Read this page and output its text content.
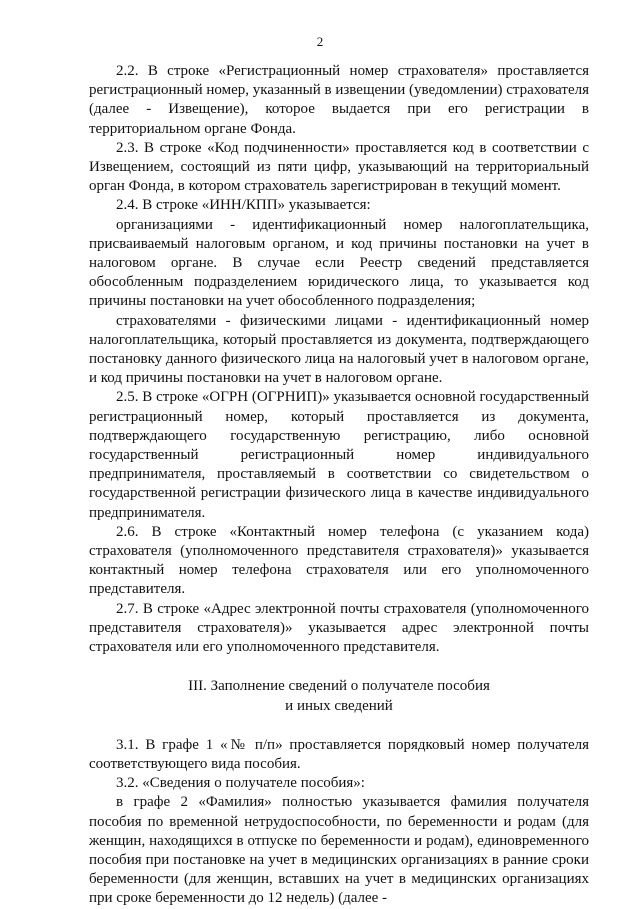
2

2.2. В строке «Регистрационный номер страхователя» проставляется регистрационный номер, указанный в извещении (уведомлении) страхователя (далее - Извещение), которое выдается при его регистрации в территориальном органе Фонда.

2.3. В строке «Код подчиненности» проставляется код в соответствии с Извещением, состоящий из пяти цифр, указывающий на территориальный орган Фонда, в котором страхователь зарегистрирован в текущий момент.

2.4. В строке «ИНН/КПП» указывается:

организациями - идентификационный номер налогоплательщика, присваиваемый налоговым органом, и код причины постановки на учет в налоговом органе. В случае если Реестр сведений представляется обособленным подразделением юридического лица, то указывается код причины постановки на учет обособленного подразделения;

страхователями - физическими лицами - идентификационный номер налогоплательщика, который проставляется из документа, подтверждающего постановку данного физического лица на налоговый учет в налоговом органе, и код причины постановки на учет в налоговом органе.

2.5. В строке «ОГРН (ОГРНИП)» указывается основной государственный регистрационный номер, который проставляется из документа, подтверждающего государственную регистрацию, либо основной государственный регистрационный номер индивидуального предпринимателя, проставляемый в соответствии со свидетельством о государственной регистрации физического лица в качестве индивидуального предпринимателя.

2.6. В строке «Контактный номер телефона (с указанием кода) страхователя (уполномоченного представителя страхователя)» указывается контактный номер телефона страхователя или его уполномоченного представителя.

2.7. В строке «Адрес электронной почты страхователя (уполномоченного представителя страхователя)» указывается адрес электронной почты страхователя или его уполномоченного представителя.

III. Заполнение сведений о получателе пособия
и иных сведений

3.1. В графе 1 «№ п/п» проставляется порядковый номер получателя соответствующего вида пособия.

3.2. «Сведения о получателе пособия»:

в графе 2 «Фамилия» полностью указывается фамилия получателя пособия по временной нетрудоспособности, по беременности и родам (для женщин, находящихся в отпуске по беременности и родам), единовременного пособия при постановке на учет в медицинских организациях в ранние сроки беременности (для женщин, вставших на учет в медицинских организациях при сроке беременности до 12 недель) (далее -
